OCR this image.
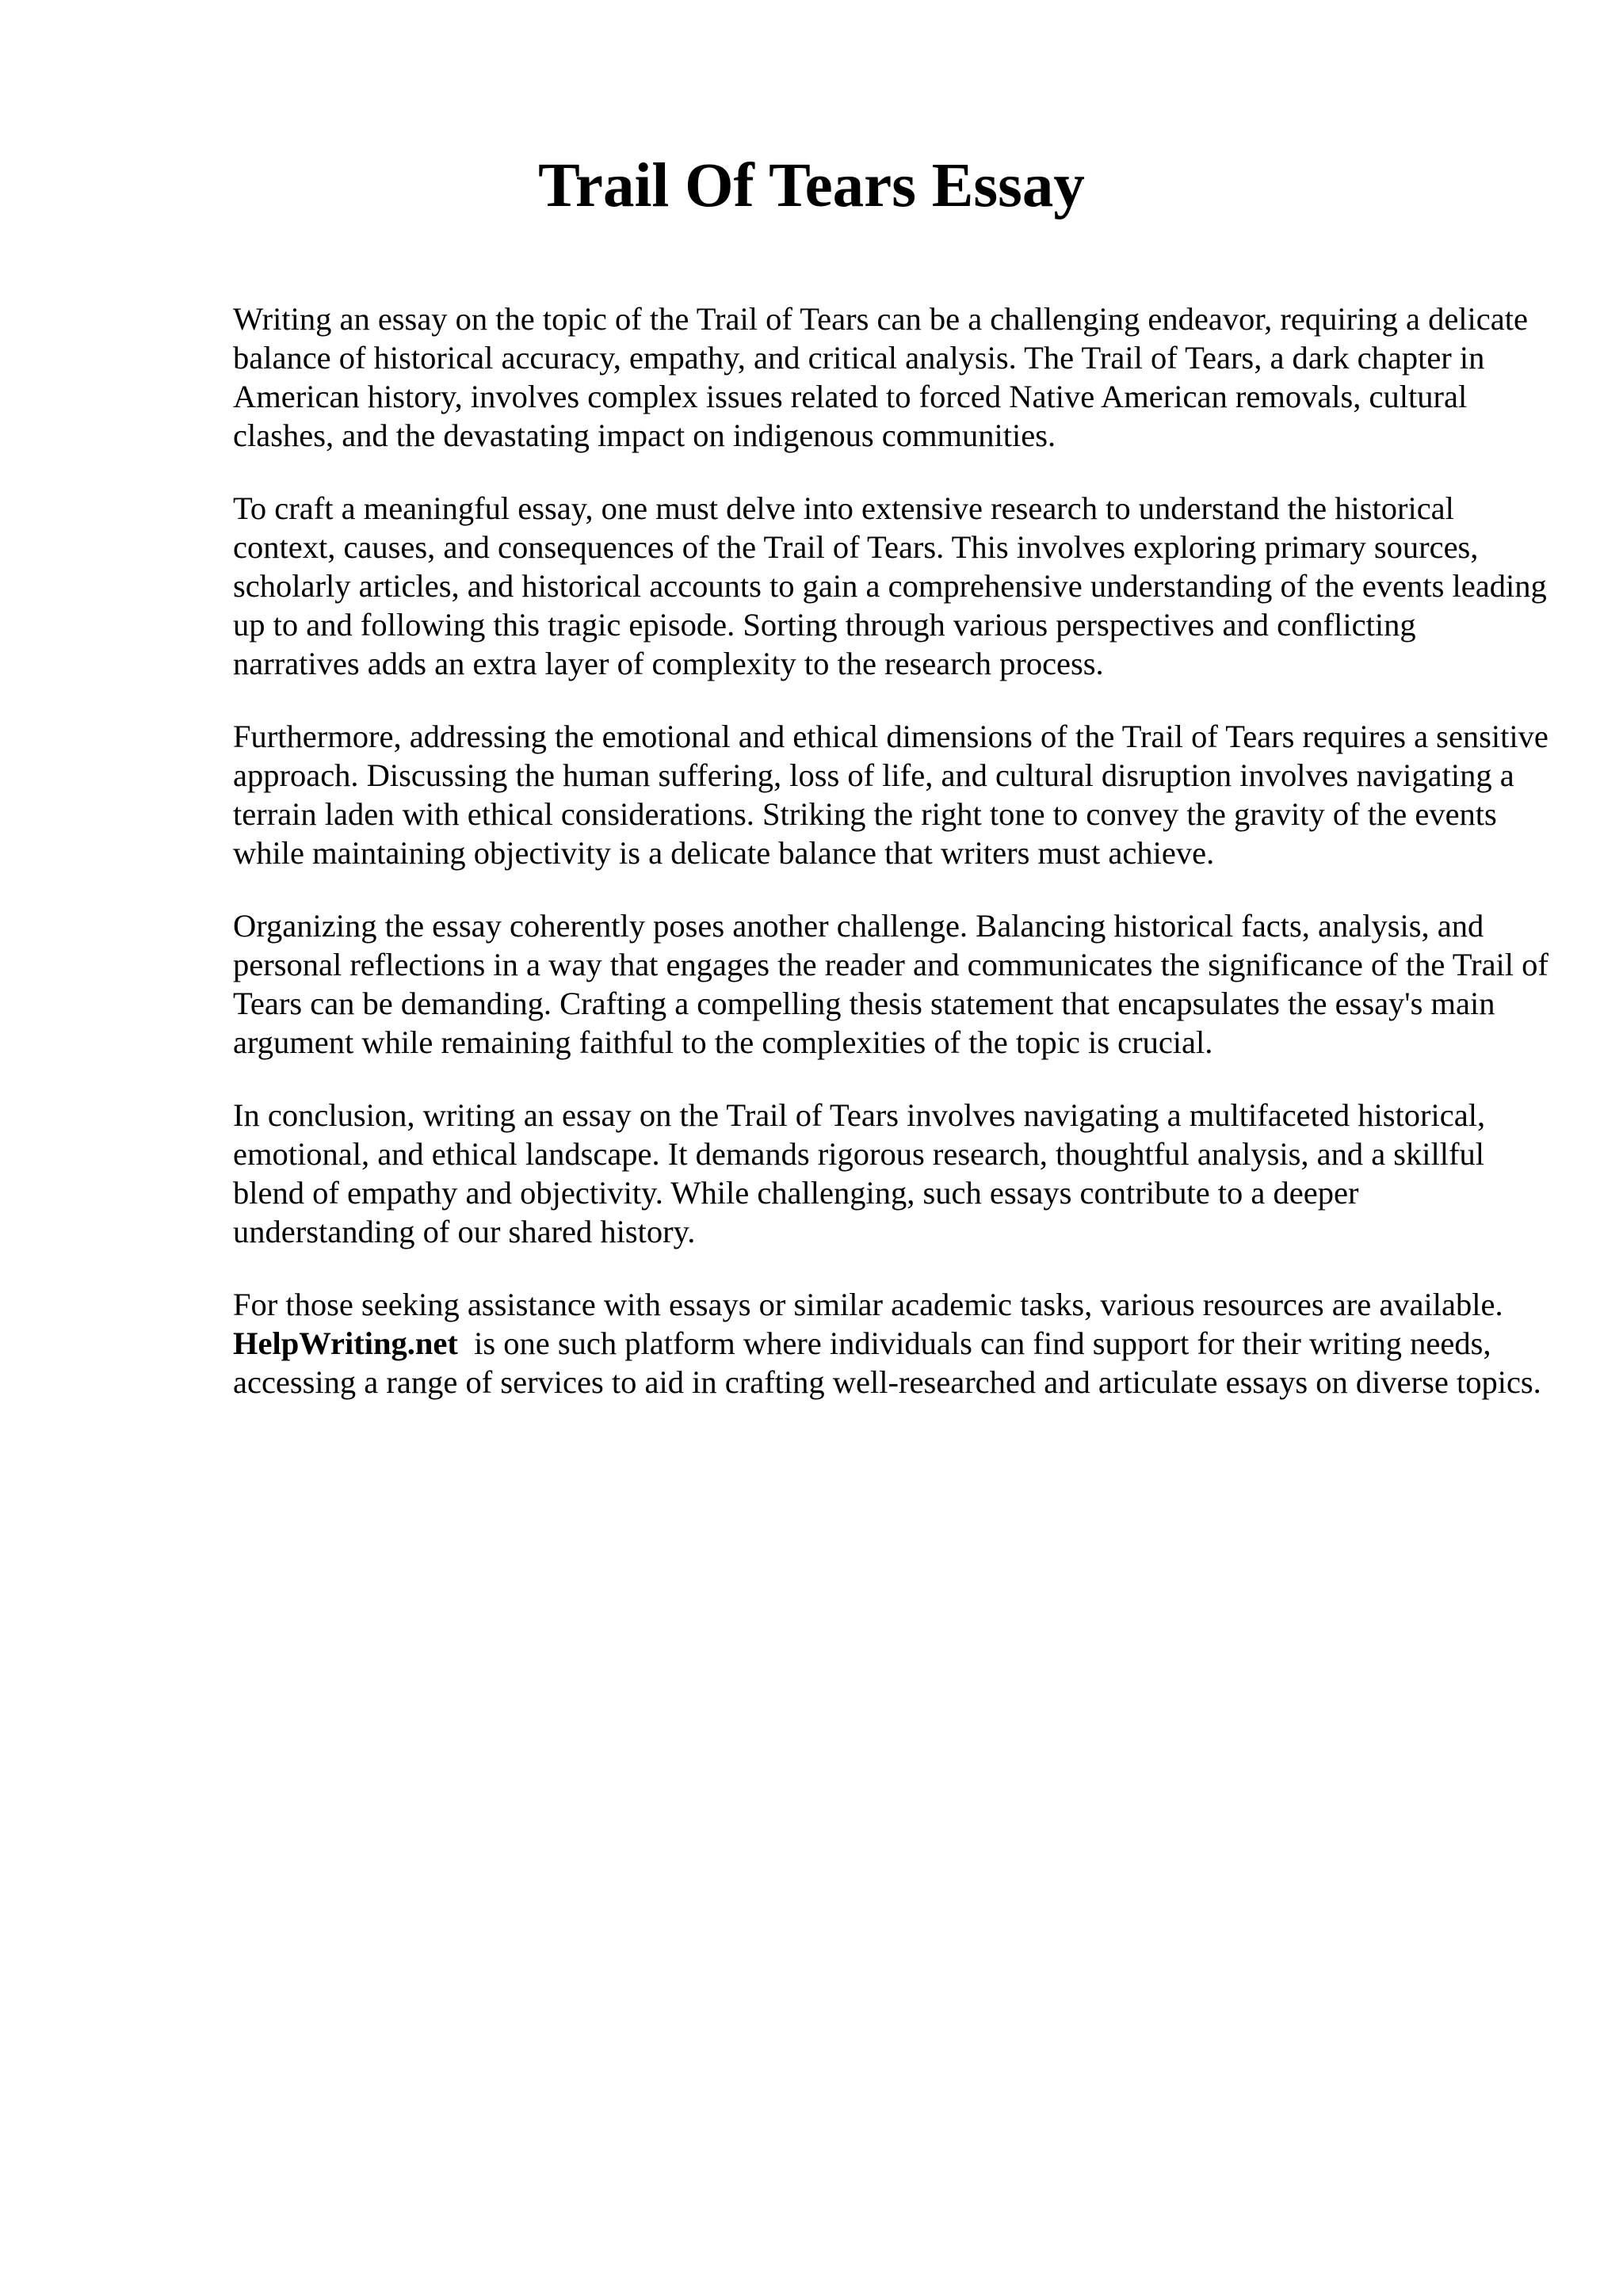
Trail Of Tears Essay

Writing an essay on the topic of the Trail of Tears can be a challenging endeavor, requiring a delicate balance of historical accuracy, empathy, and critical analysis. The Trail of Tears, a dark chapter in American history, involves complex issues related to forced Native American removals, cultural clashes, and the devastating impact on indigenous communities.

To craft a meaningful essay, one must delve into extensive research to understand the historical context, causes, and consequences of the Trail of Tears. This involves exploring primary sources, scholarly articles, and historical accounts to gain a comprehensive understanding of the events leading up to and following this tragic episode. Sorting through various perspectives and conflicting narratives adds an extra layer of complexity to the research process.

Furthermore, addressing the emotional and ethical dimensions of the Trail of Tears requires a sensitive approach. Discussing the human suffering, loss of life, and cultural disruption involves navigating a terrain laden with ethical considerations. Striking the right tone to convey the gravity of the events while maintaining objectivity is a delicate balance that writers must achieve.

Organizing the essay coherently poses another challenge. Balancing historical facts, analysis, and personal reflections in a way that engages the reader and communicates the significance of the Trail of Tears can be demanding. Crafting a compelling thesis statement that encapsulates the essay's main argument while remaining faithful to the complexities of the topic is crucial.

In conclusion, writing an essay on the Trail of Tears involves navigating a multifaceted historical, emotional, and ethical landscape. It demands rigorous research, thoughtful analysis, and a skillful blend of empathy and objectivity. While challenging, such essays contribute to a deeper understanding of our shared history.

For those seeking assistance with essays or similar academic tasks, various resources are available. HelpWriting.net is one such platform where individuals can find support for their writing needs, accessing a range of services to aid in crafting well-researched and articulate essays on diverse topics.
